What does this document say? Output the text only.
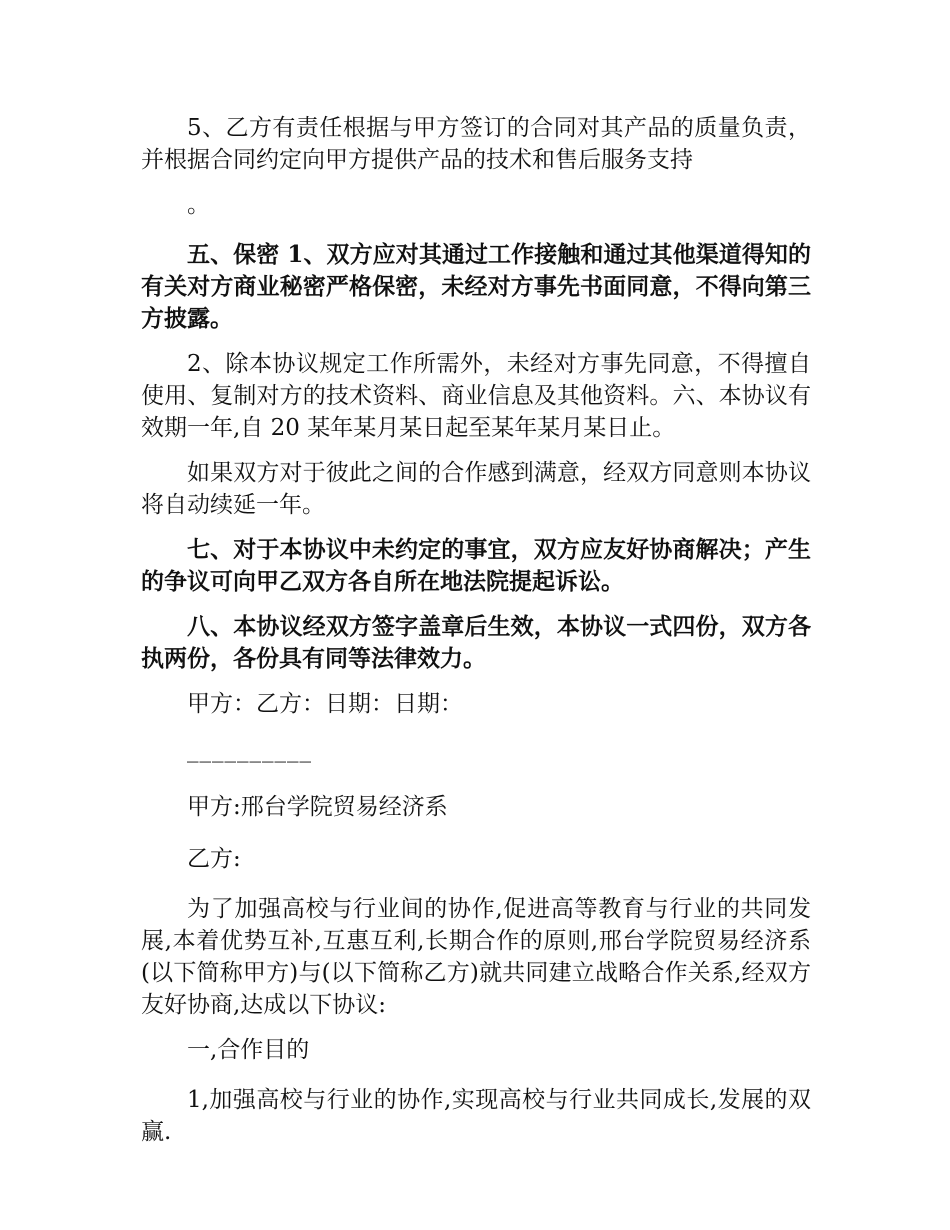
5、乙方有责任根据与甲方签订的合同对其产品的质量负责，并根据合同约定向甲方提供产品的技术和售后服务支持

。

五、保密 1、双方应对其通过工作接触和通过其他渠道得知的有关对方商业秘密严格保密，未经对方事先书面同意，不得向第三方披露。

2、除本协议规定工作所需外，未经对方事先同意，不得擅自使用、复制对方的技术资料、商业信息及其他资料。六、本协议有效期一年,自 20 某年某月某日起至某年某月某日止。

如果双方对于彼此之间的合作感到满意，经双方同意则本协议将自动续延一年。

七、对于本协议中未约定的事宜，双方应友好协商解决；产生的争议可向甲乙双方各自所在地法院提起诉讼。

八、本协议经双方签字盖章后生效，本协议一式四份，双方各执两份，各份具有同等法律效力。

甲方：乙方：日期：日期：

__________

甲方:邢台学院贸易经济系

乙方:

为了加强高校与行业间的协作,促进高等教育与行业的共同发展,本着优势互补,互惠互利,长期合作的原则,邢台学院贸易经济系(以下简称甲方)与(以下简称乙方)就共同建立战略合作关系,经双方友好协商,达成以下协议:

一,合作目的

1,加强高校与行业的协作,实现高校与行业共同成长,发展的双赢.
